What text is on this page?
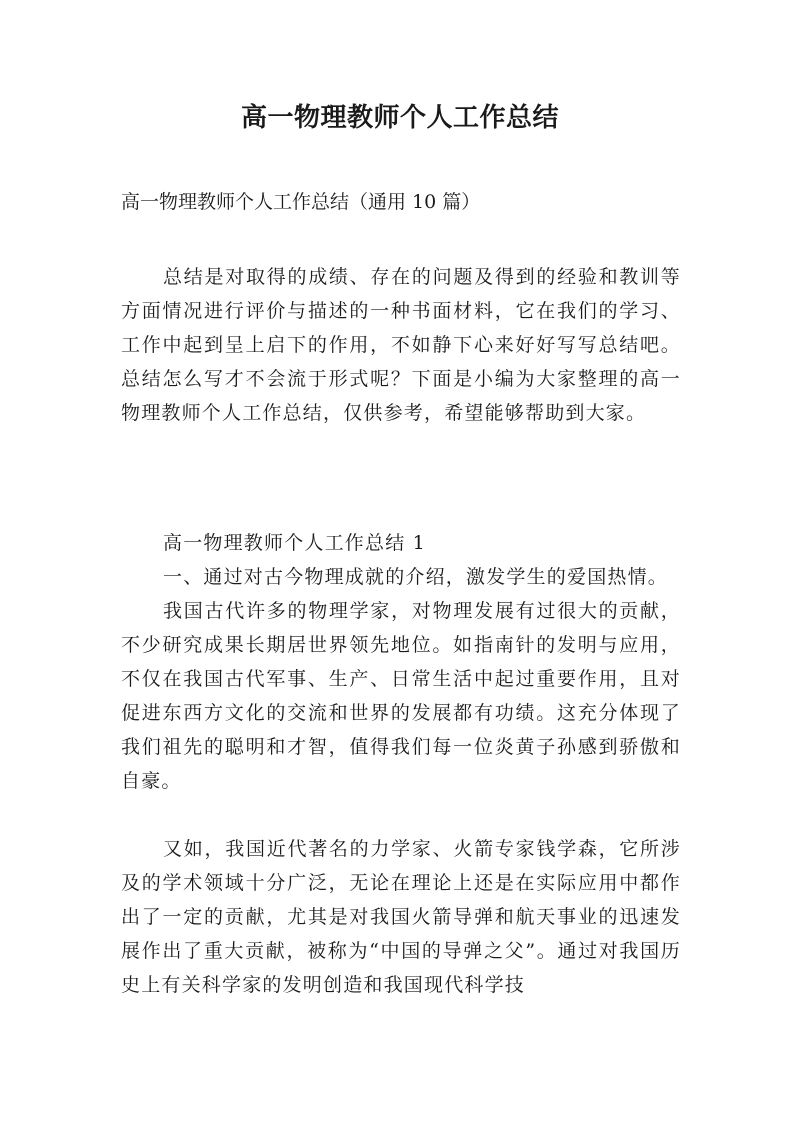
高一物理教师个人工作总结

高一物理教师个人工作总结（通用 10 篇）

总结是对取得的成绩、存在的问题及得到的经验和教训等方面情况进行评价与描述的一种书面材料，它在我们的学习、工作中起到呈上启下的作用，不如静下心来好好写写总结吧。总结怎么写才不会流于形式呢？下面是小编为大家整理的高一物理教师个人工作总结，仅供参考，希望能够帮助到大家。

高一物理教师个人工作总结 1

一、通过对古今物理成就的介绍，激发学生的爱国热情。

我国古代许多的物理学家，对物理发展有过很大的贡献，不少研究成果长期居世界领先地位。如指南针的发明与应用，不仅在我国古代军事、生产、日常生活中起过重要作用，且对促进东西方文化的交流和世界的发展都有功绩。这充分体现了我们祖先的聪明和才智，值得我们每一位炎黄子孙感到骄傲和自豪。

又如，我国近代著名的力学家、火箭专家钱学森，它所涉及的学术领域十分广泛，无论在理论上还是在实际应用中都作出了一定的贡献，尤其是对我国火箭导弹和航天事业的迅速发展作出了重大贡献，被称为“中国的导弹之父”。通过对我国历史上有关科学家的发明创造和我国现代科学技
